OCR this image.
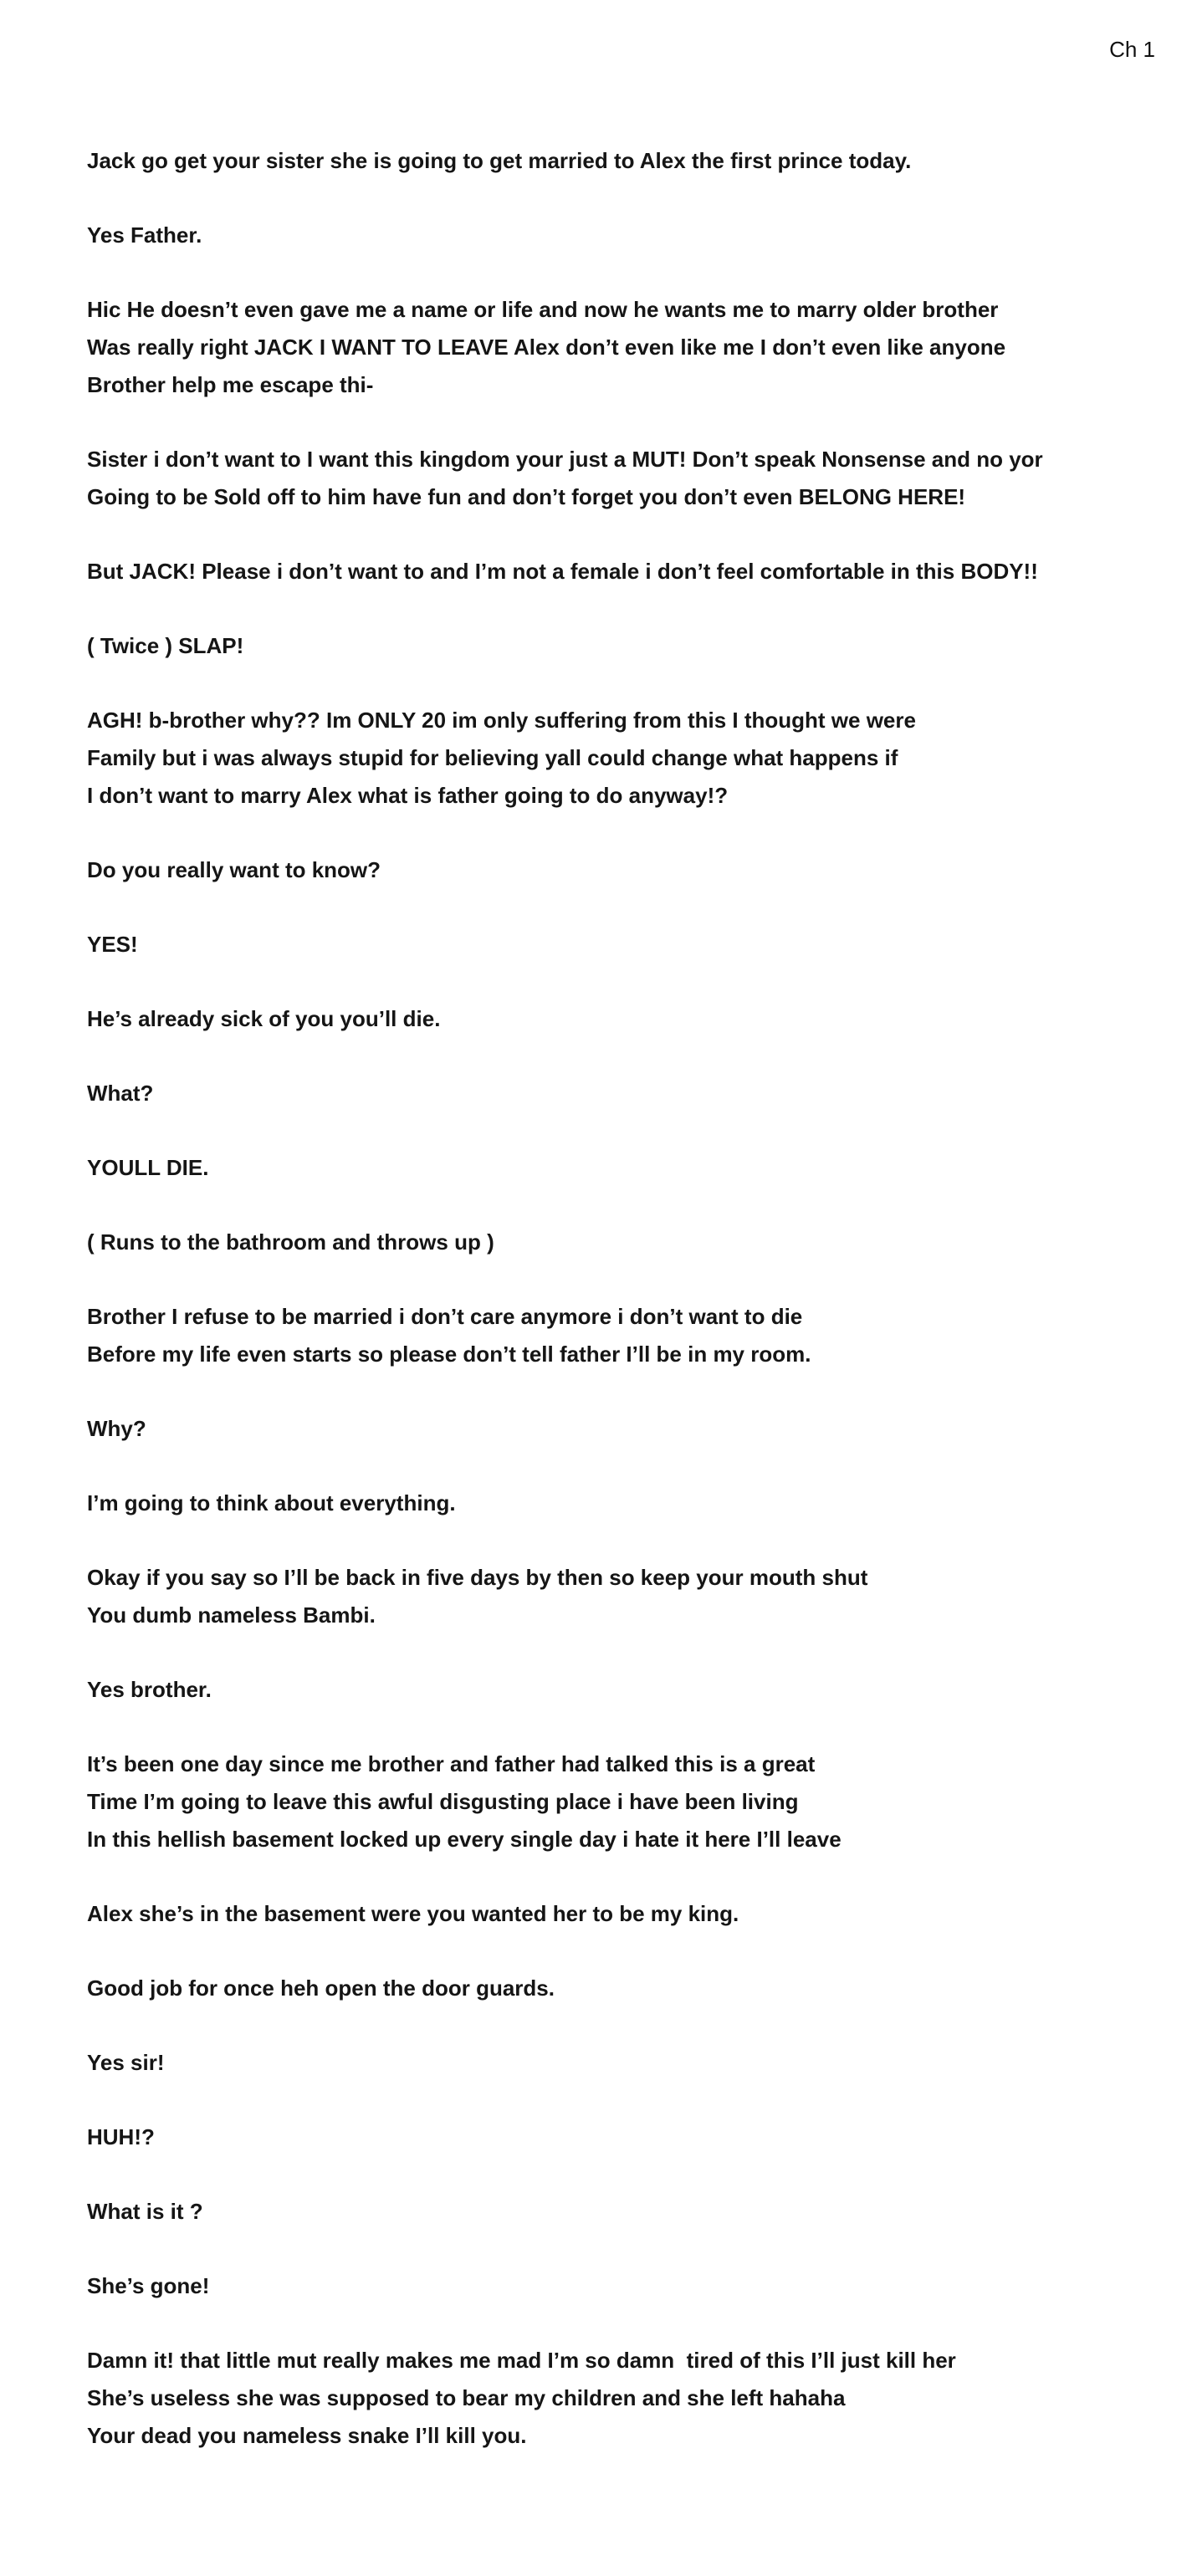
Ch 1
Jack go get your sister she is going to get married to Alex the first prince today.
Yes Father.
Hic He doesn’t even gave me a name or life and now he wants me to marry older brother
Was really right JACK I WANT TO LEAVE Alex don’t even like me I don’t even like anyone
Brother help me escape thi-
Sister i don’t want to I want this kingdom your just a MUT! Don’t speak Nonsense and no yor
Going to be Sold off to him have fun and don’t forget you don’t even BELONG HERE!
But JACK! Please i don’t want to and I’m not a female i don’t feel comfortable in this BODY!!
( Twice ) SLAP!
AGH! b-brother why?? Im ONLY 20 im only suffering from this I thought we were
Family but i was always stupid for believing yall could change what happens if
I don’t want to marry Alex what is father going to do anyway!?
Do you really want to know?
YES!
He’s already sick of you you’ll die.
What?
YOULL DIE.
( Runs to the bathroom and throws up )
Brother I refuse to be married i don’t care anymore i don’t want to die
Before my life even starts so please don’t tell father I’ll be in my room.
Why?
I’m going to think about everything.
Okay if you say so I’ll be back in five days by then so keep your mouth shut
You dumb nameless Bambi.
Yes brother.
It’s been one day since me brother and father had talked this is a great
Time I’m going to leave this awful disgusting place i have been living
In this hellish basement locked up every single day i hate it here I’ll leave
Alex she’s in the basement were you wanted her to be my king.
Good job for once heh open the door guards.
Yes sir!
HUH!?
What is it ?
She’s gone!
Damn it! that little mut really makes me mad I’m so damn  tired of this I’ll just kill her
She’s useless she was supposed to bear my children and she left hahaha
Your dead you nameless snake I’ll kill you.
